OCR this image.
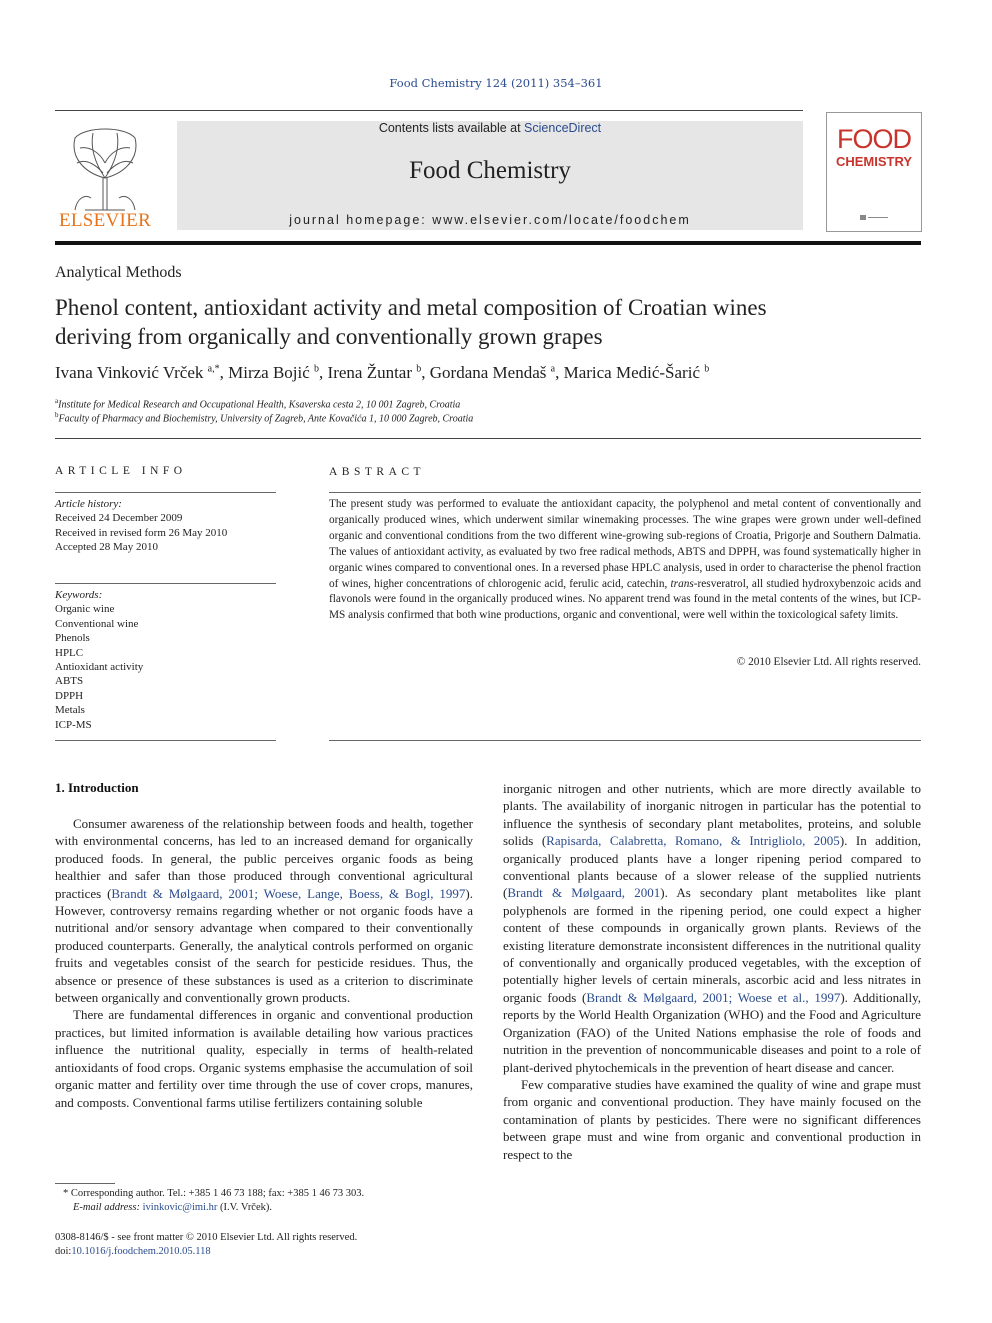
Food Chemistry 124 (2011) 354–361
ELSEVIER
Contents lists available at ScienceDirect
Food Chemistry
journal homepage: www.elsevier.com/locate/foodchem
FOOD
CHEMISTRY
Analytical Methods
Phenol content, antioxidant activity and metal composition of Croatian wines
deriving from organically and conventionally grown grapes
Ivana Vinković Vrček $^{a,*}$, Mirza Bojić $^b$, Irena Žuntar $^b$, Gordana Mendaš $^a$, Marica Medić-Šarić $^b$
$^a$Institute for Medical Research and Occupational Health, Ksaverska cesta 2, 10 001 Zagreb, Croatia
$^b$Faculty of Pharmacy and Biochemistry, University of Zagreb, Ante Kovačića 1, 10 000 Zagreb, Croatia
ARTICLE INFO
Article history:
Received 24 December 2009
Received in revised form 26 May 2010
Accepted 28 May 2010
Keywords:
Organic wine
Conventional wine
Phenols
HPLC
Antioxidant activity
ABTS
DPPH
Metals
ICP-MS
ABSTRACT
The present study was performed to evaluate the antioxidant capacity, the polyphenol and metal content of conventionally and organically produced wines, which underwent similar winemaking processes. The wine grapes were grown under well-defined organic and conventional conditions from the two different wine-growing sub-regions of Croatia, Prigorje and Southern Dalmatia. The values of antioxidant activity, as evaluated by two free radical methods, ABTS and DPPH, was found systematically higher in organic wines compared to conventional ones. In a reversed phase HPLC analysis, used in order to characterise the phenol fraction of wines, higher concentrations of chlorogenic acid, ferulic acid, catechin, trans-resveratrol, all studied hydroxybenzoic acids and flavonols were found in the organically produced wines. No apparent trend was found in the metal contents of the wines, but ICP-MS analysis confirmed that both wine productions, organic and conventional, were well within the toxicological safety limits.
© 2010 Elsevier Ltd. All rights reserved.
1. Introduction

Consumer awareness of the relationship between foods and health, together with environmental concerns, has led to an increased demand for organically produced foods. In general, the public perceives organic foods as being healthier and safer than those produced through conventional agricultural practices (Brandt & Mølgaard, 2001; Woese, Lange, Boess, & Bogl, 1997). However, controversy remains regarding whether or not organic foods have a nutritional and/or sensory advantage when compared to their conventionally produced counterparts. Generally, the analytical controls performed on organic fruits and vegetables consist of the search for pesticide residues. Thus, the absence or presence of these substances is used as a criterion to discriminate between organically and conventionally grown products.

There are fundamental differences in organic and conventional production practices, but limited information is available detailing how various practices influence the nutritional quality, especially in terms of health-related antioxidants of food crops. Organic systems emphasise the accumulation of soil organic matter and fertility over time through the use of cover crops, manures, and composts. Conventional farms utilise fertilizers containing soluble

inorganic nitrogen and other nutrients, which are more directly available to plants. The availability of inorganic nitrogen in particular has the potential to influence the synthesis of secondary plant metabolites, proteins, and soluble solids (Rapisarda, Calabretta, Romano, & Intrigliolo, 2005). In addition, organically produced plants have a longer ripening period compared to conventional plants because of a slower release of the supplied nutrients (Brandt & Mølgaard, 2001). As secondary plant metabolites like plant polyphenols are formed in the ripening period, one could expect a higher content of these compounds in organically grown plants. Reviews of the existing literature demonstrate inconsistent differences in the nutritional quality of conventionally and organically produced vegetables, with the exception of potentially higher levels of certain minerals, ascorbic acid and less nitrates in organic foods (Brandt & Mølgaard, 2001; Woese et al., 1997). Additionally, reports by the World Health Organization (WHO) and the Food and Agriculture Organization (FAO) of the United Nations emphasise the role of foods and nutrition in the prevention of noncommunicable diseases and point to a role of plant-derived phytochemicals in the prevention of heart disease and cancer.

Few comparative studies have examined the quality of wine and grape must from organic and conventional production. They have mainly focused on the contamination of plants by pesticides. There were no significant differences between grape must and wine from organic and conventional production in respect to the

* Corresponding author. Tel.: +385 1 46 73 188; fax: +385 1 46 73 303.
E-mail address: ivinkovic@imi.hr (I.V. Vrček).
0308-8146/$ - see front matter © 2010 Elsevier Ltd. All rights reserved.
doi:10.1016/j.foodchem.2010.05.118
